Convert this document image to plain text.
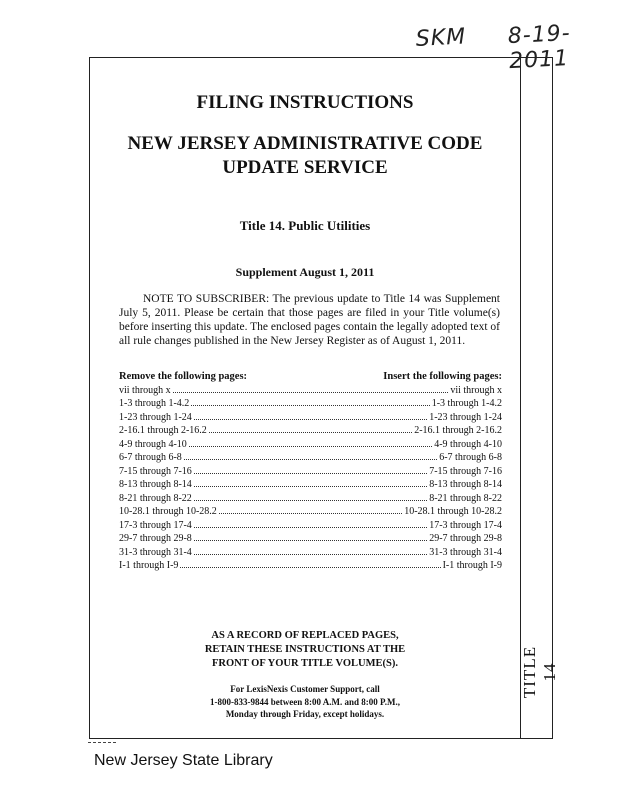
SKM 8-19-2011
TITLE 14
FILING INSTRUCTIONS
NEW JERSEY ADMINISTRATIVE CODE
UPDATE SERVICE
Title 14. Public Utilities
Supplement August 1, 2011
NOTE TO SUBSCRIBER: The previous update to Title 14 was Supplement July 5, 2011. Please be certain that those pages are filed in your Title volume(s) before inserting this update. The enclosed pages contain the legally adopted text of all rule changes published in the New Jersey Register as of August 1, 2011.
Remove the following pages:	Insert the following pages:
vii through x	vii through x
1-3 through 1-4.2	1-3 through 1-4.2
1-23 through 1-24	1-23 through 1-24
2-16.1 through 2-16.2	2-16.1 through 2-16.2
4-9 through 4-10	4-9 through 4-10
6-7 through 6-8	6-7 through 6-8
7-15 through 7-16	7-15 through 7-16
8-13 through 8-14	8-13 through 8-14
8-21 through 8-22	8-21 through 8-22
10-28.1 through 10-28.2	10-28.1 through 10-28.2
17-3 through 17-4	17-3 through 17-4
29-7 through 29-8	29-7 through 29-8
31-3 through 31-4	31-3 through 31-4
I-1 through I-9	I-1 through I-9
AS A RECORD OF REPLACED PAGES,
RETAIN THESE INSTRUCTIONS AT THE
FRONT OF YOUR TITLE VOLUME(S).
For LexisNexis Customer Support, call
1-800-833-9844 between 8:00 A.M. and 8:00 P.M.,
Monday through Friday, except holidays.
New Jersey State Library
